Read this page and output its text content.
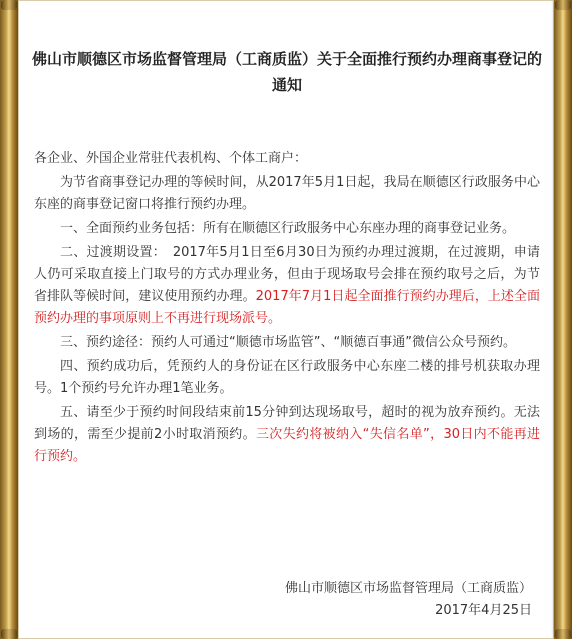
佛山市顺德区市场监督管理局（工商质监）关于全面推行预约办理商事登记的通知

各企业、外国企业常驻代表机构、个体工商户：

为节省商事登记办理的等候时间，从2017年5月1日起，我局在顺德区行政服务中心东座的商事登记窗口将推行预约办理。

一、全面预约业务包括：所有在顺德区行政服务中心东座办理的商事登记业务。

二、过渡期设置：　2017年5月1日至6月30日为预约办理过渡期，在过渡期，申请人仍可采取直接上门取号的方式办理业务，但由于现场取号会排在预约取号之后，为节省排队等候时间，建议使用预约办理。2017年7月1日起全面推行预约办理后，上述全面预约办理的事项原则上不再进行现场派号。

三、预约途径：预约人可通过“顺德市场监管”、“顺德百事通”微信公众号预约。

四、预约成功后，凭预约人的身份证在区行政服务中心东座二楼的排号机获取办理号。1个预约号允许办理1笔业务。

五、请至少于预约时间段结束前15分钟到达现场取号，超时的视为放弃预约。无法到场的，需至少提前2小时取消预约。三次失约将被纳入“失信名单”，30日内不能再进行预约。

佛山市顺德区市场监督管理局（工商质监）
2017年4月25日
